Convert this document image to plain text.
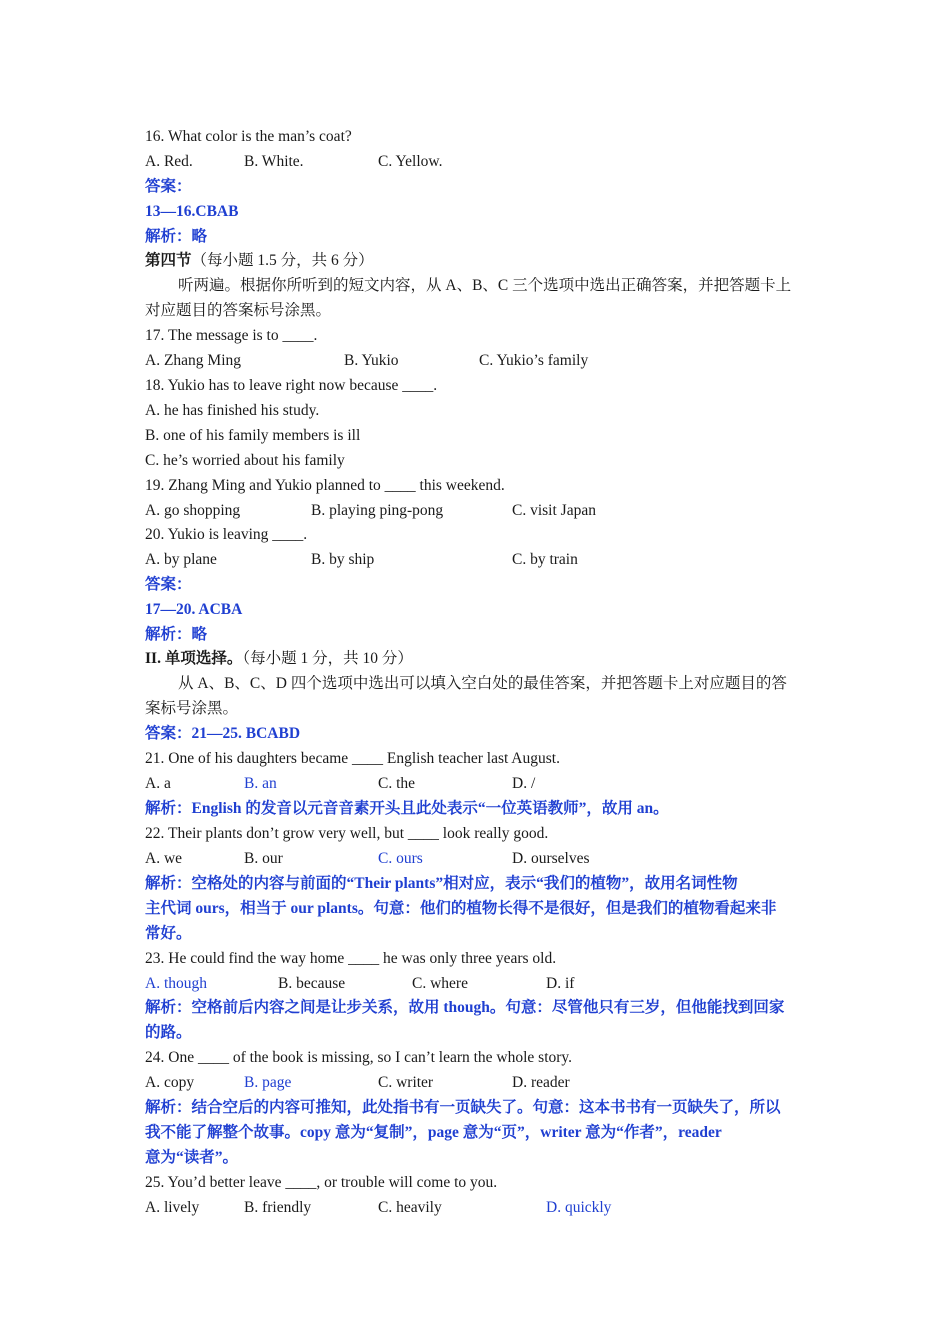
16. What color is the man’s coat?
A. Red.	B. White.	C. Yellow.
答案：
13—16.CBAB
解析：略
第四节（每小题 1.5 分，共 6 分）
听两遍。根据你所听到的短文内容，从 A、B、C 三个选项中选出正确答案，并把答题卡上
对应题目的答案标号涂黑。
17. The message is to ____.
A. Zhang Ming	B. Yukio	C. Yukio’s family
18. Yukio has to leave right now because ____.
A. he has finished his study.
B. one of his family members is ill
C. he’s worried about his family
19. Zhang Ming and Yukio planned to ____ this weekend.
A. go shopping	B. playing ping-pong	C. visit Japan
20. Yukio is leaving ____.
A. by plane	B. by ship	C. by train
答案：
17—20. ACBA
解析：略
II. 单项选择。（每小题 1 分，共 10 分）
从 A、B、C、D 四个选项中选出可以填入空白处的最佳答案，并把答题卡上对应题目的答
案标号涂黑。
答案：21—25. BCABD
21. One of his daughters became ____ English teacher last August.
A. a	B. an	C. the	D. /
解析：English 的发音以元音音素开头且此处表示“一位英语教师”，故用 an。
22. Their plants don’t grow very well, but ____ look really good.
A. we	B. our	C. ours	D. ourselves
解析：空格处的内容与前面的“Their plants”相对应，表示“我们的植物”，故用名词性物
主代词 ours，相当于 our plants。句意：他们的植物长得不是很好，但是我们的植物看起来非
常好。
23. He could find the way home ____ he was only three years old.
A. though	B. because	C. where	D. if
解析：空格前后内容之间是让步关系，故用 though。句意：尽管他只有三岁，但他能找到回家
的路。
24. One ____ of the book is missing, so I can’t learn the whole story.
A. copy	B. page	C. writer	D. reader
解析：结合空后的内容可推知，此处指书有一页缺失了。句意：这本书书有一页缺失了，所以
我不能了解整个故事。copy 意为“复制”，page 意为“页”，writer 意为“作者”，reader
意为“读者”。
25. You’d better leave ____, or trouble will come to you.
A. lively	B. friendly	C. heavily	D. quickly
